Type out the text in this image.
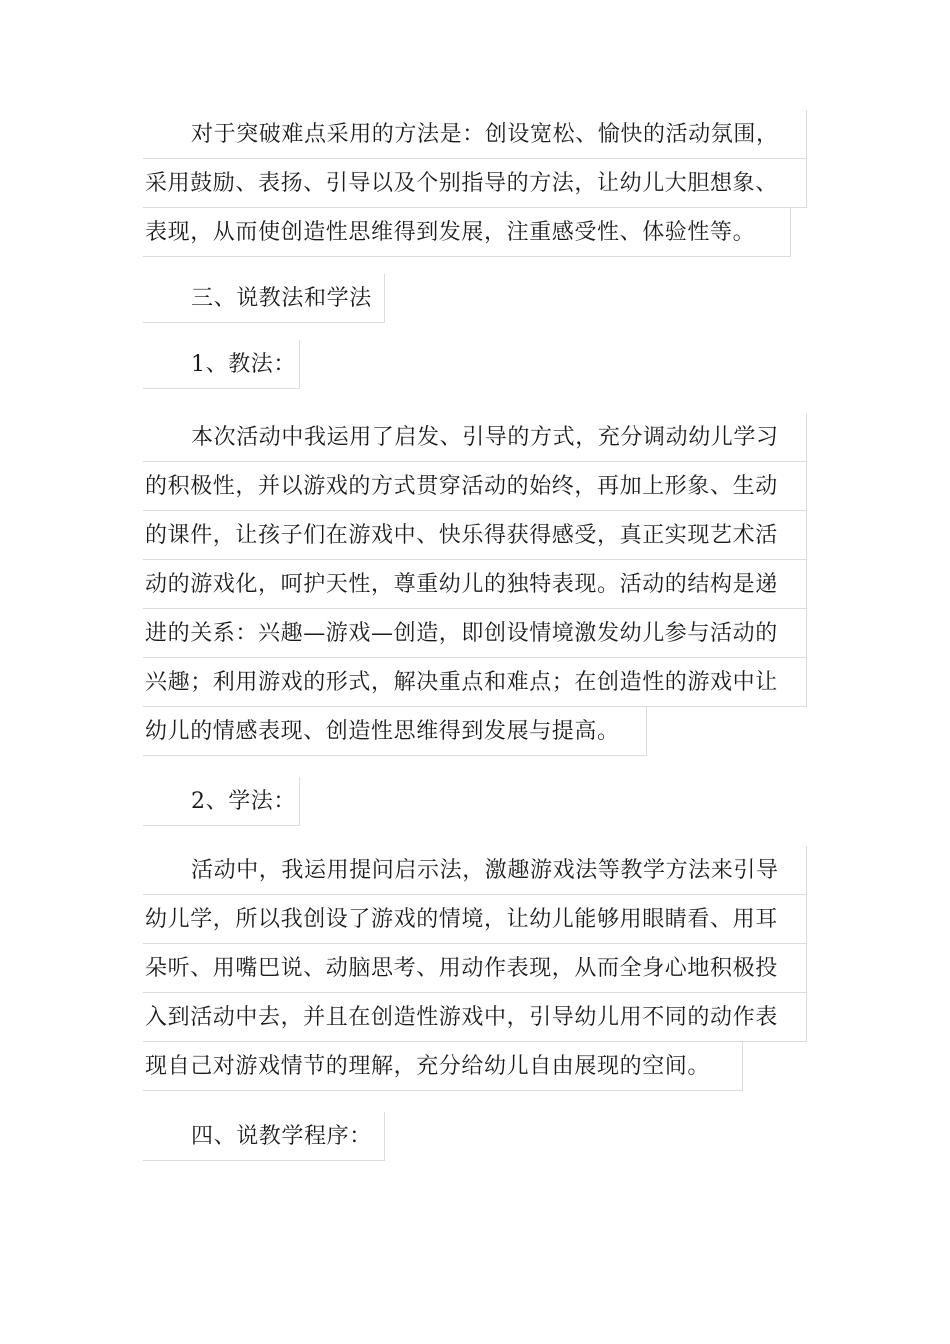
对于突破难点采用的方法是：创设宽松、愉快的活动氛围，
采用鼓励、表扬、引导以及个别指导的方法，让幼儿大胆想象、
表现，从而使创造性思维得到发展，注重感受性、体验性等。
三、说教法和学法
1、教法：
本次活动中我运用了启发、引导的方式，充分调动幼儿学习
的积极性，并以游戏的方式贯穿活动的始终，再加上形象、生动
的课件，让孩子们在游戏中、快乐得获得感受，真正实现艺术活
动的游戏化，呵护天性，尊重幼儿的独特表现。活动的结构是递
进的关系：兴趣—游戏—创造，即创设情境激发幼儿参与活动的
兴趣；利用游戏的形式，解决重点和难点；在创造性的游戏中让
幼儿的情感表现、创造性思维得到发展与提高。
2、学法：
活动中，我运用提问启示法，激趣游戏法等教学方法来引导
幼儿学，所以我创设了游戏的情境，让幼儿能够用眼睛看、用耳
朵听、用嘴巴说、动脑思考、用动作表现，从而全身心地积极投
入到活动中去，并且在创造性游戏中，引导幼儿用不同的动作表
现自己对游戏情节的理解，充分给幼儿自由展现的空间。
四、说教学程序：
